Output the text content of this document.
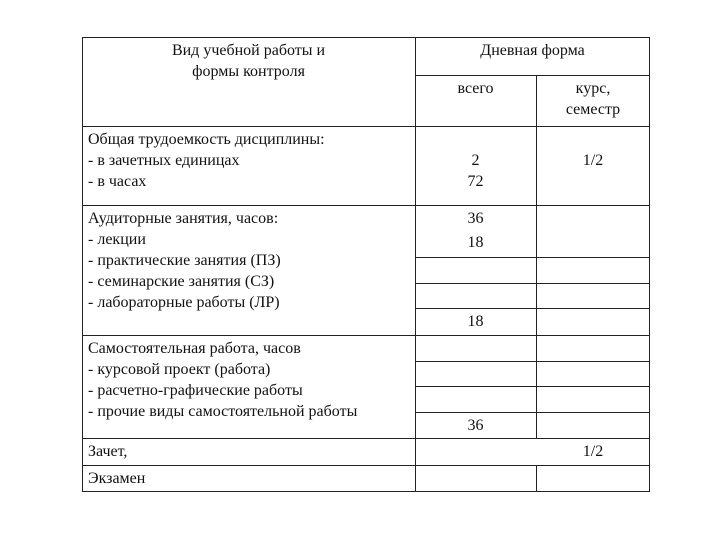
Вид учебной работы и
формы контроля
Дневная форма
всего	курс,
семестр
Общая трудоемкость дисциплины:
- в зачетных единицах
- в часах
2
72
1/2
Аудиторные занятия, часов:
- лекции
- практические занятия (ПЗ)
- семинарские занятия (СЗ)
- лабораторные работы (ЛР)
36
18
18
Самостоятельная работа, часов
- курсовой проект (работа)
- расчетно-графические работы
- прочие виды самостоятельной работы
36
Зачет,	1/2
Экзамен
